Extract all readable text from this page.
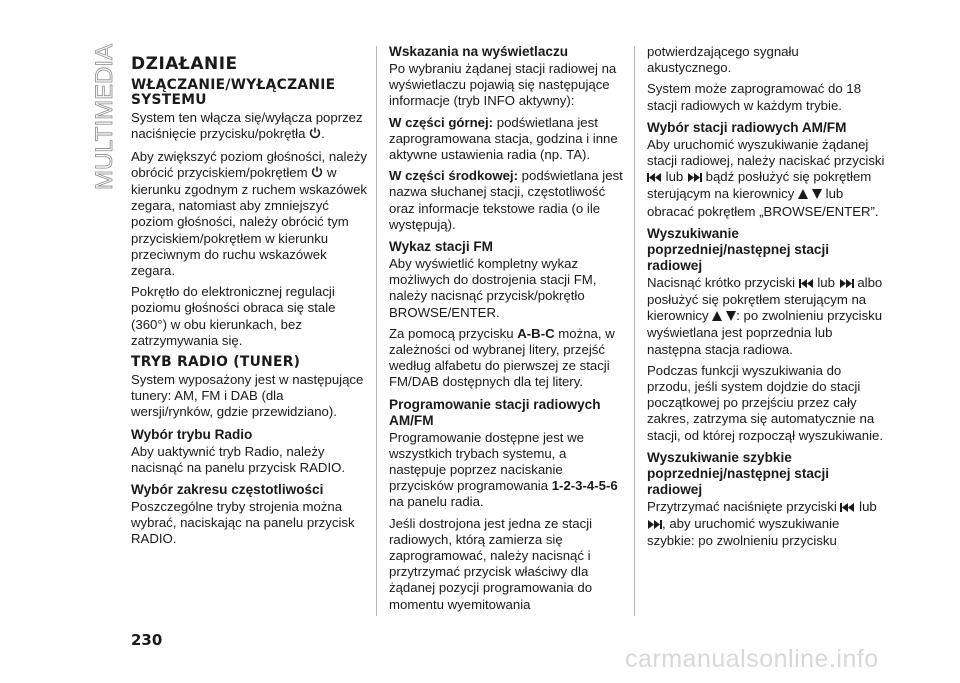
MULTIMEDIA DZIAŁANIE
WŁĄCZANIE/WYŁĄCZANIE SYSTEMU

System ten włącza się/wyłącza poprzez naciśnięcie przycisku/pokrętła .

Aby zwiększyć poziom głośności, należy obrócić przyciskiem/pokrętłem w kierunku zgodnym z ruchem wskazówek zegara, natomiast aby zmniejszyć poziom głośności, należy obrócić tym przyciskiem/pokrętłem w kierunku przeciwnym do ruchu wskazówek zegara.

Pokrętło do elektronicznej regulacji poziomu głośności obraca się stale (360°) w obu kierunkach, bez zatrzymywania się.

TRYB RADIO (TUNER)

System wyposażony jest w następujące tunery: AM, FM i DAB (dla wersji/rynków, gdzie przewidziano).

Wybór trybu Radio

Aby uaktywnić tryb Radio, należy nacisnąć na panelu przycisk RADIO.

Wybór zakresu częstotliwości

Poszczególne tryby strojenia można wybrać, naciskając na panelu przycisk RADIO.

Wskazania na wyświetlaczu

Po wybraniu żądanej stacji radiowej na wyświetlaczu pojawią się następujące informacje (tryb INFO aktywny):

W części górnej: podświetlana jest zaprogramowana stacja, godzina i inne aktywne ustawienia radia (np. TA).

W części środkowej: podświetlana jest nazwa słuchanej stacji, częstotliwość oraz informacje tekstowe radia (o ile występują).

Wykaz stacji FM

Aby wyświetlić kompletny wykaz możliwych do dostrojenia stacji FM, należy nacisnąć przycisk/pokrętło BROWSE/ENTER.

Za pomocą przycisku A-B-C można, w zależności od wybranej litery, przejść według alfabetu do pierwszej ze stacji FM/DAB dostępnych dla tej litery.

Programowanie stacji radiowych AM/FM

Programowanie dostępne jest we wszystkich trybach systemu, a następuje poprzez naciskanie przycisków programowania 1-2-3-4-5-6 na panelu radia.

Jeśli dostrojona jest jedna ze stacji radiowych, którą zamierza się zaprogramować, należy nacisnąć i przytrzymać przycisk właściwy dla żądanej pozycji programowania do momentu wyemitowania

potwierdzającego sygnału akustycznego.

System może zaprogramować do 18 stacji radiowych w każdym trybie.

Wybór stacji radiowych AM/FM

Aby uruchomić wyszukiwanie żądanej stacji radiowej, należy naciskać przyciski  lub bądź posłużyć się pokrętłem sterującym na kierownicy lub obracać pokrętłem „BROWSE/ENTER”.

Wyszukiwanie poprzedniej/następnej stacji radiowej

Nacisnąć krótko przyciski lub albo posłużyć się pokrętłem sterującym na kierownicy : po zwolnieniu przycisku wyświetlana jest poprzednia lub następna stacja radiowa.

Podczas funkcji wyszukiwania do przodu, jeśli system dojdzie do stacji początkowej po przejściu przez cały zakres, zatrzyma się automatycznie na stacji, od której rozpoczął wyszukiwanie.

Wyszukiwanie szybkie poprzedniej/następnej stacji radiowej

Przytrzymać naciśnięte przyciski lub , aby uruchomić wyszukiwanie szybkie: po zwolnieniu przycisku

230
carmanualsonline.info
